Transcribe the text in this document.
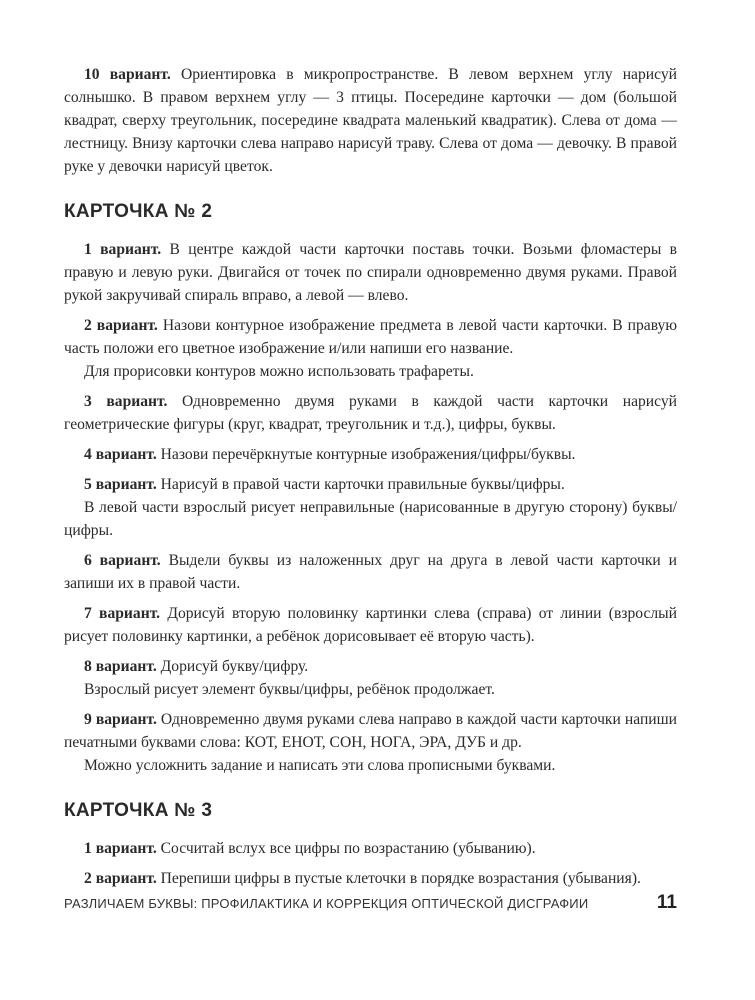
10 вариант. Ориентировка в микропространстве. В левом верхнем углу нарисуй солнышко. В правом верхнем углу — 3 птицы. Посередине карточки — дом (большой квадрат, сверху треугольник, посередине квадрата маленький квадратик). Слева от дома — лестницу. Внизу карточки слева направо нарисуй траву. Слева от дома — девочку. В правой руке у девочки нарисуй цветок.

КАРТОЧКА № 2

1 вариант. В центре каждой части карточки поставь точки. Возьми фломастеры в правую и левую руки. Двигайся от точек по спирали одновременно двумя руками. Правой рукой закручивай спираль вправо, а левой — влево.

2 вариант. Назови контурное изображение предмета в левой части карточки. В правую часть положи его цветное изображение и/или напиши его название.

Для прорисовки контуров можно использовать трафареты.

3 вариант. Одновременно двумя руками в каждой части карточки нарисуй геометрические фигуры (круг, квадрат, треугольник и т.д.), цифры, буквы.

4 вариант. Назови перечёркнутые контурные изображения/цифры/буквы.

5 вариант. Нарисуй в правой части карточки правильные буквы/цифры.

В левой части взрослый рисует неправильные (нарисованные в другую сторону) буквы/цифры.

6 вариант. Выдели буквы из наложенных друг на друга в левой части карточки и запиши их в правой части.

7 вариант. Дорисуй вторую половинку картинки слева (справа) от линии (взрослый рисует половинку картинки, а ребёнок дорисовывает её вторую часть).

8 вариант. Дорисуй букву/цифру.

Взрослый рисует элемент буквы/цифры, ребёнок продолжает.

9 вариант. Одновременно двумя руками слева направо в каждой части карточки напиши печатными буквами слова: КОТ, ЕНОТ, СОН, НОГА, ЭРА, ДУБ и др.

Можно усложнить задание и написать эти слова прописными буквами.

КАРТОЧКА № 3

1 вариант. Сосчитай вслух все цифры по возрастанию (убыванию).

2 вариант. Перепиши цифры в пустые клеточки в порядке возрастания (убывания).

РАЗЛИЧАЕМ БУКВЫ: ПРОФИЛАКТИКА И КОРРЕКЦИЯ ОПТИЧЕСКОЙ ДИСГРАФИИ	11
